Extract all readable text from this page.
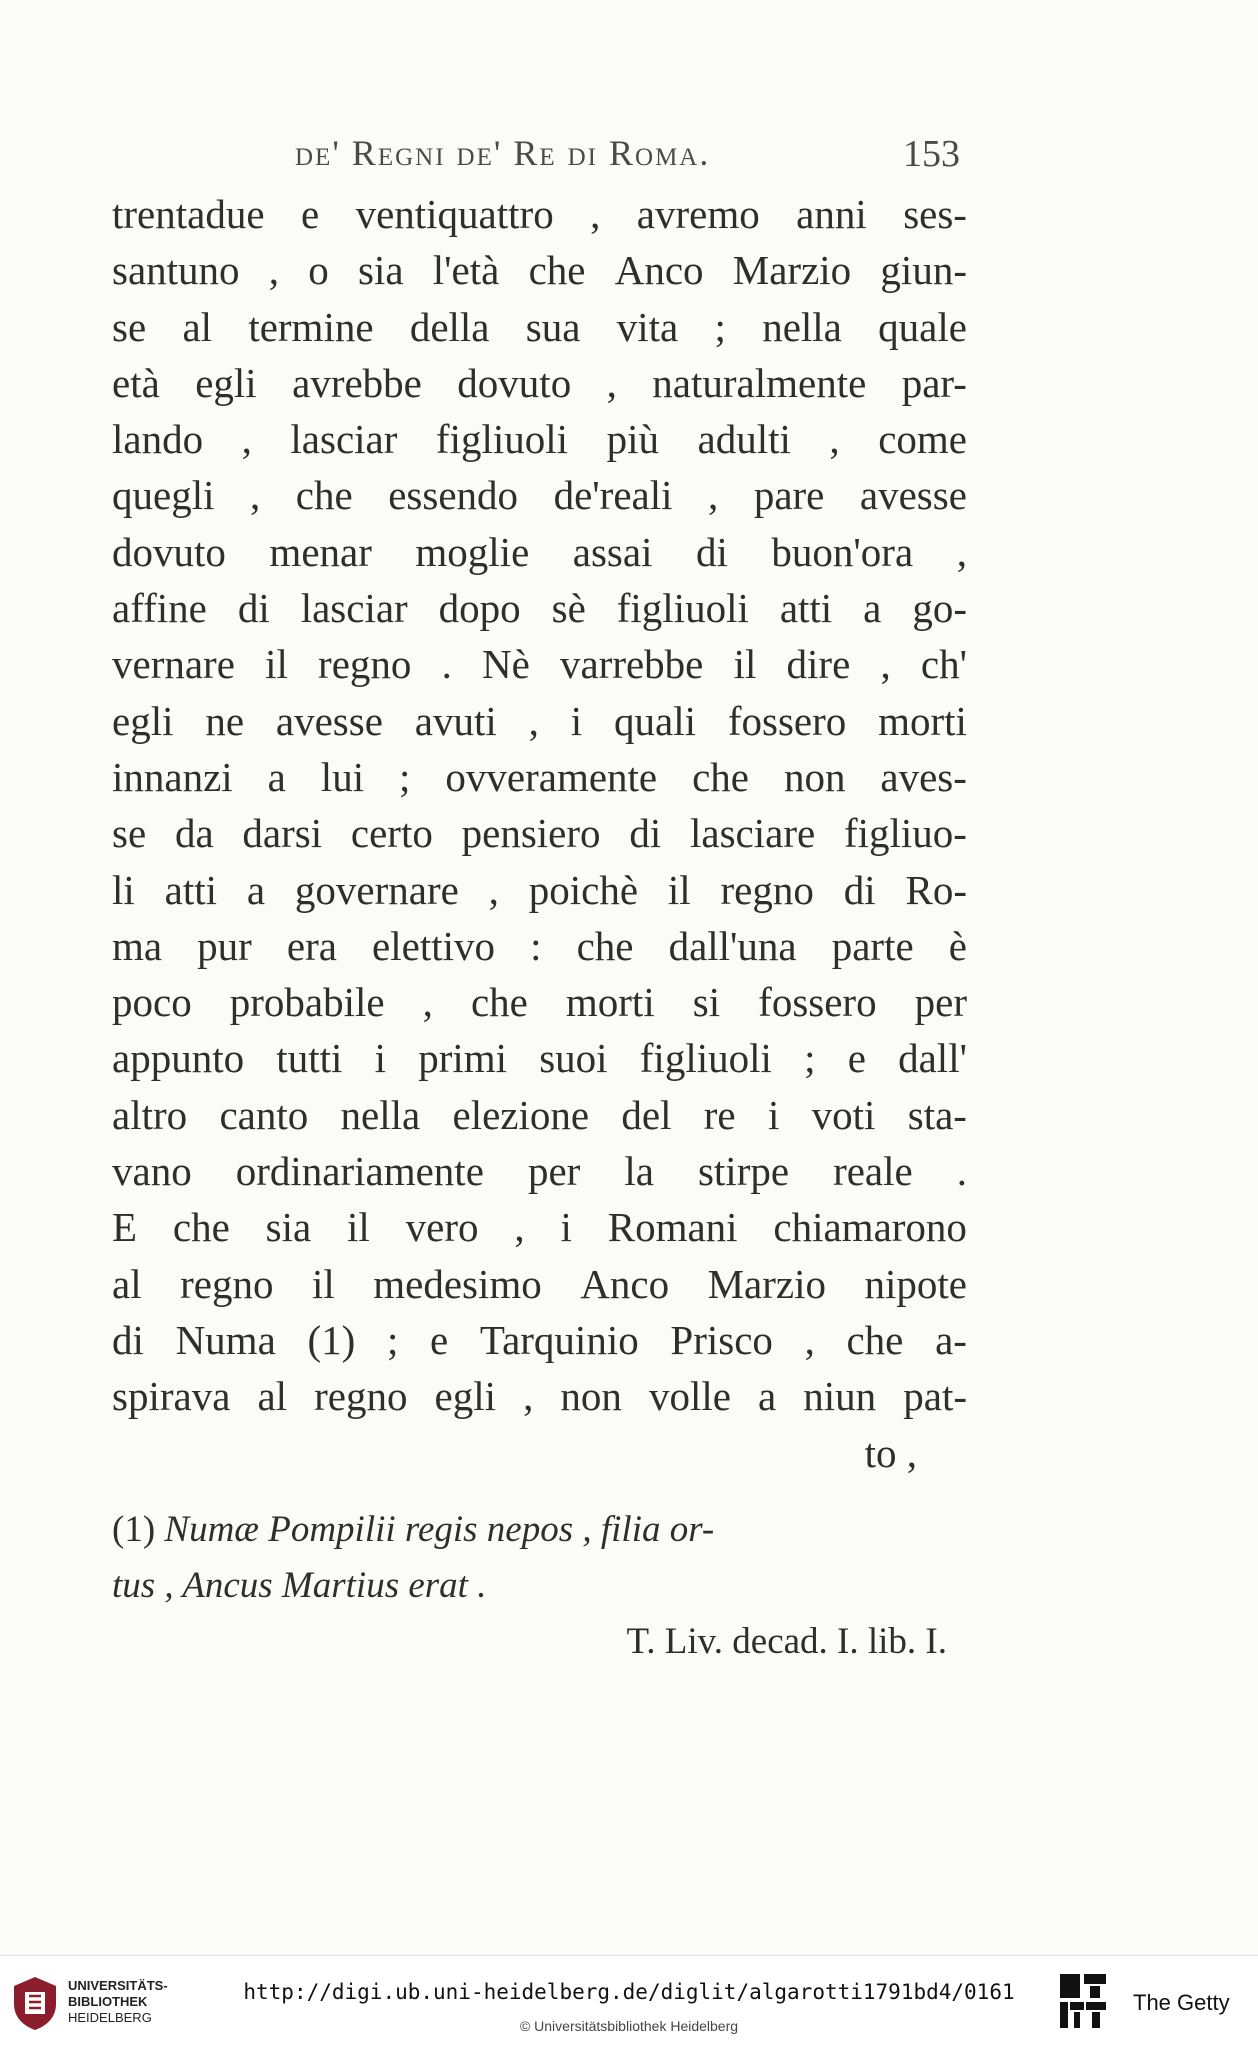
de' Regni de' Re di Roma.	153
trentadue e ventiquattro , avremo anni ses-
santuno , o sia l'età che Anco Marzio giun-
se al termine della sua vita ; nella quale
età egli avrebbe dovuto , naturalmente par-
lando , lasciar figliuoli più adulti , come
quegli , che essendo de'reali , pare avesse
dovuto menar moglie assai di buon'ora ,
affine di lasciar dopo sè figliuoli atti a go-
vernare il regno . Nè varrebbe il dire , ch'
egli ne avesse avuti , i quali fossero morti
innanzi a lui ; ovveramente che non aves-
se da darsi certo pensiero di lasciare figliuo-
li atti a governare , poichè il regno di Ro-
ma pur era elettivo : che dall'una parte è
poco probabile , che morti si fossero per
appunto tutti i primi suoi figliuoli ; e dall'
altro canto nella elezione del re i voti sta-
vano ordinariamente per la stirpe reale .
E che sia il vero , i Romani chiamarono
al regno il medesimo Anco Marzio nipote
di Numa (1) ; e Tarquinio Prisco , che a-
spirava al regno egli , non volle a niun pat-
to ,
(1) Numæ Pompilii regis nepos , filia or-
tus , Ancus Martius erat .
T. Liv. decad. I. lib. I.
UNIVERSITÄTS-
BIBLIOTHEK
HEIDELBERG
http://digi.ub.uni-heidelberg.de/diglit/algarotti1791bd4/0161
© Universitätsbibliothek Heidelberg
The Getty
